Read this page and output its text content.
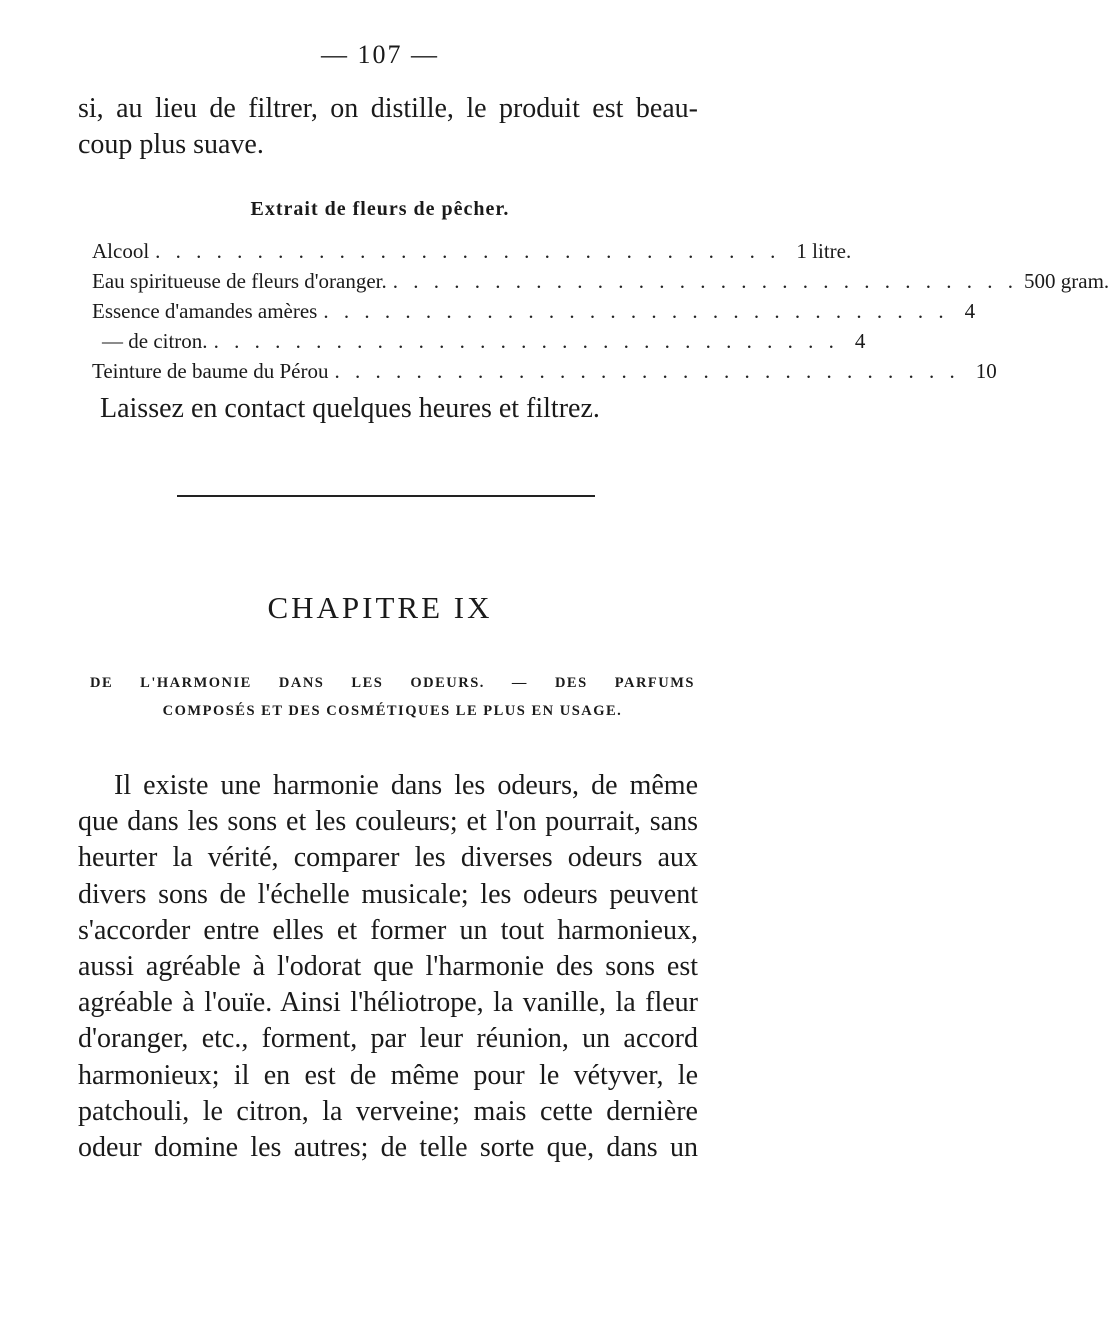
— 107 —
si, au lieu de filtrer, on distille, le produit est beau-
coup plus suave.
Extrait de fleurs de pêcher.
Alcool . . . . . . . . . . . . . . . . . . . . . . . . . . . . . . . 1 litre.
Eau spiritueuse de fleurs d'oranger. . . . . . . . . . . . . . . . . . . . . . . . . . . . . . . . 500 gram.
Essence d'amandes amères . . . . . . . . . . . . . . . . . . . . . . . . . . . . . . . 4
— de citron. . . . . . . . . . . . . . . . . . . . . . . . . . . . . . . . 4
Teinture de baume du Pérou . . . . . . . . . . . . . . . . . . . . . . . . . . . . . . . 10
Laissez en contact quelques heures et filtrez.
CHAPITRE IX
DE L'HARMONIE DANS LES ODEURS. — DES PARFUMS
COMPOSÉS ET DES COSMÉTIQUES LE PLUS EN USAGE.
Il existe une harmonie dans les odeurs, de même
que dans les sons et les couleurs; et l'on pourrait, sans
heurter la vérité, comparer les diverses odeurs aux
divers sons de l'échelle musicale; les odeurs peuvent
s'accorder entre elles et former un tout harmonieux,
aussi agréable à l'odorat que l'harmonie des sons est
agréable à l'ouïe. Ainsi l'héliotrope, la vanille, la fleur
d'oranger, etc., forment, par leur réunion, un accord
harmonieux; il en est de même pour le vétyver, le
patchouli, le citron, la verveine; mais cette dernière
odeur domine les autres; de telle sorte que, dans un
